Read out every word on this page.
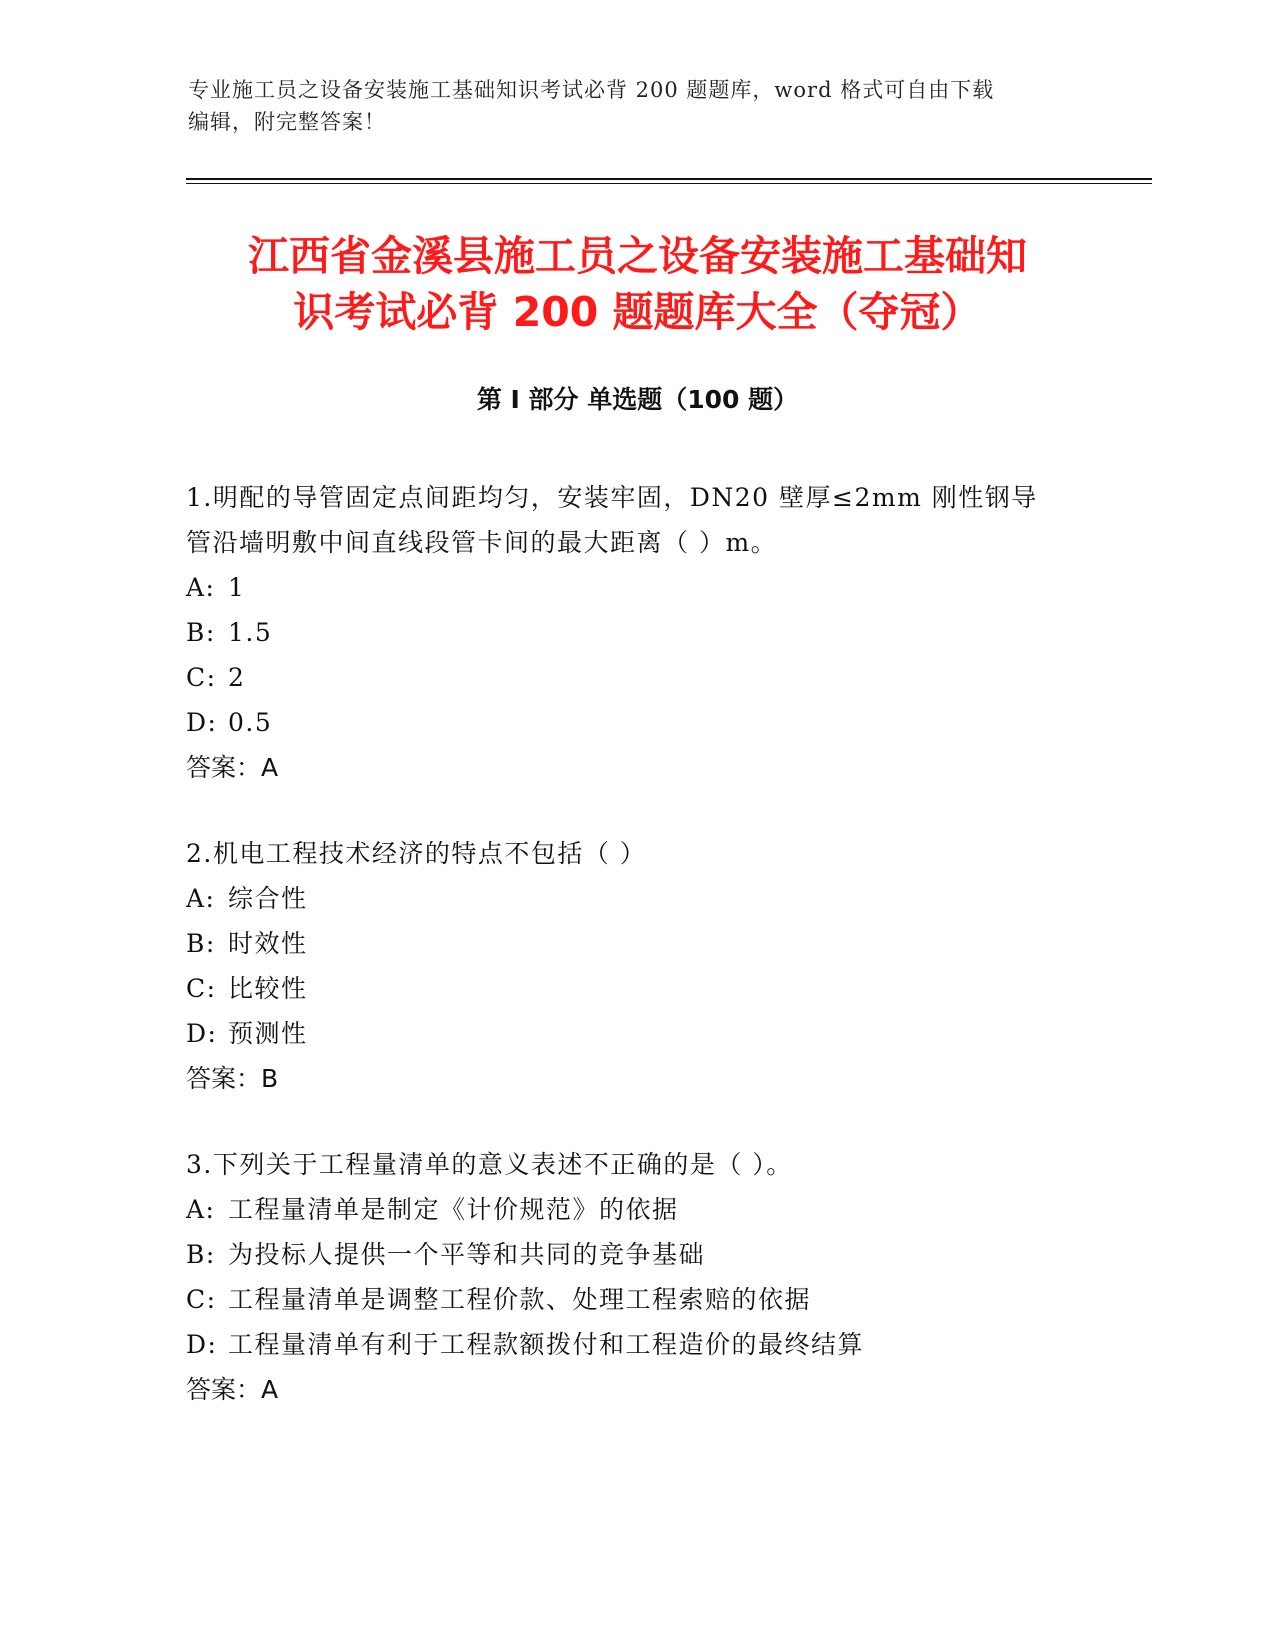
专业施工员之设备安装施工基础知识考试必背 200 题题库，word 格式可自由下载
编辑，附完整答案！
江西省金溪县施工员之设备安装施工基础知
识考试必背 200 题题库大全（夺冠）
第 I 部分 单选题（100 题）

1.明配的导管固定点间距均匀，安装牢固，DN20 壁厚≤2mm 刚性钢导
管沿墙明敷中间直线段管卡间的最大距离（ ）m。

A: 1
B: 1.5
C: 2
D: 0.5
答案：A

2.机电工程技术经济的特点不包括（ ）

A: 综合性
B: 时效性
C: 比较性
D: 预测性
答案：B

3.下列关于工程量清单的意义表述不正确的是（ ）。

A: 工程量清单是制定《计价规范》的依据
B: 为投标人提供一个平等和共同的竞争基础
C: 工程量清单是调整工程价款、处理工程索赔的依据
D: 工程量清单有利于工程款额拨付和工程造价的最终结算
答案：A
